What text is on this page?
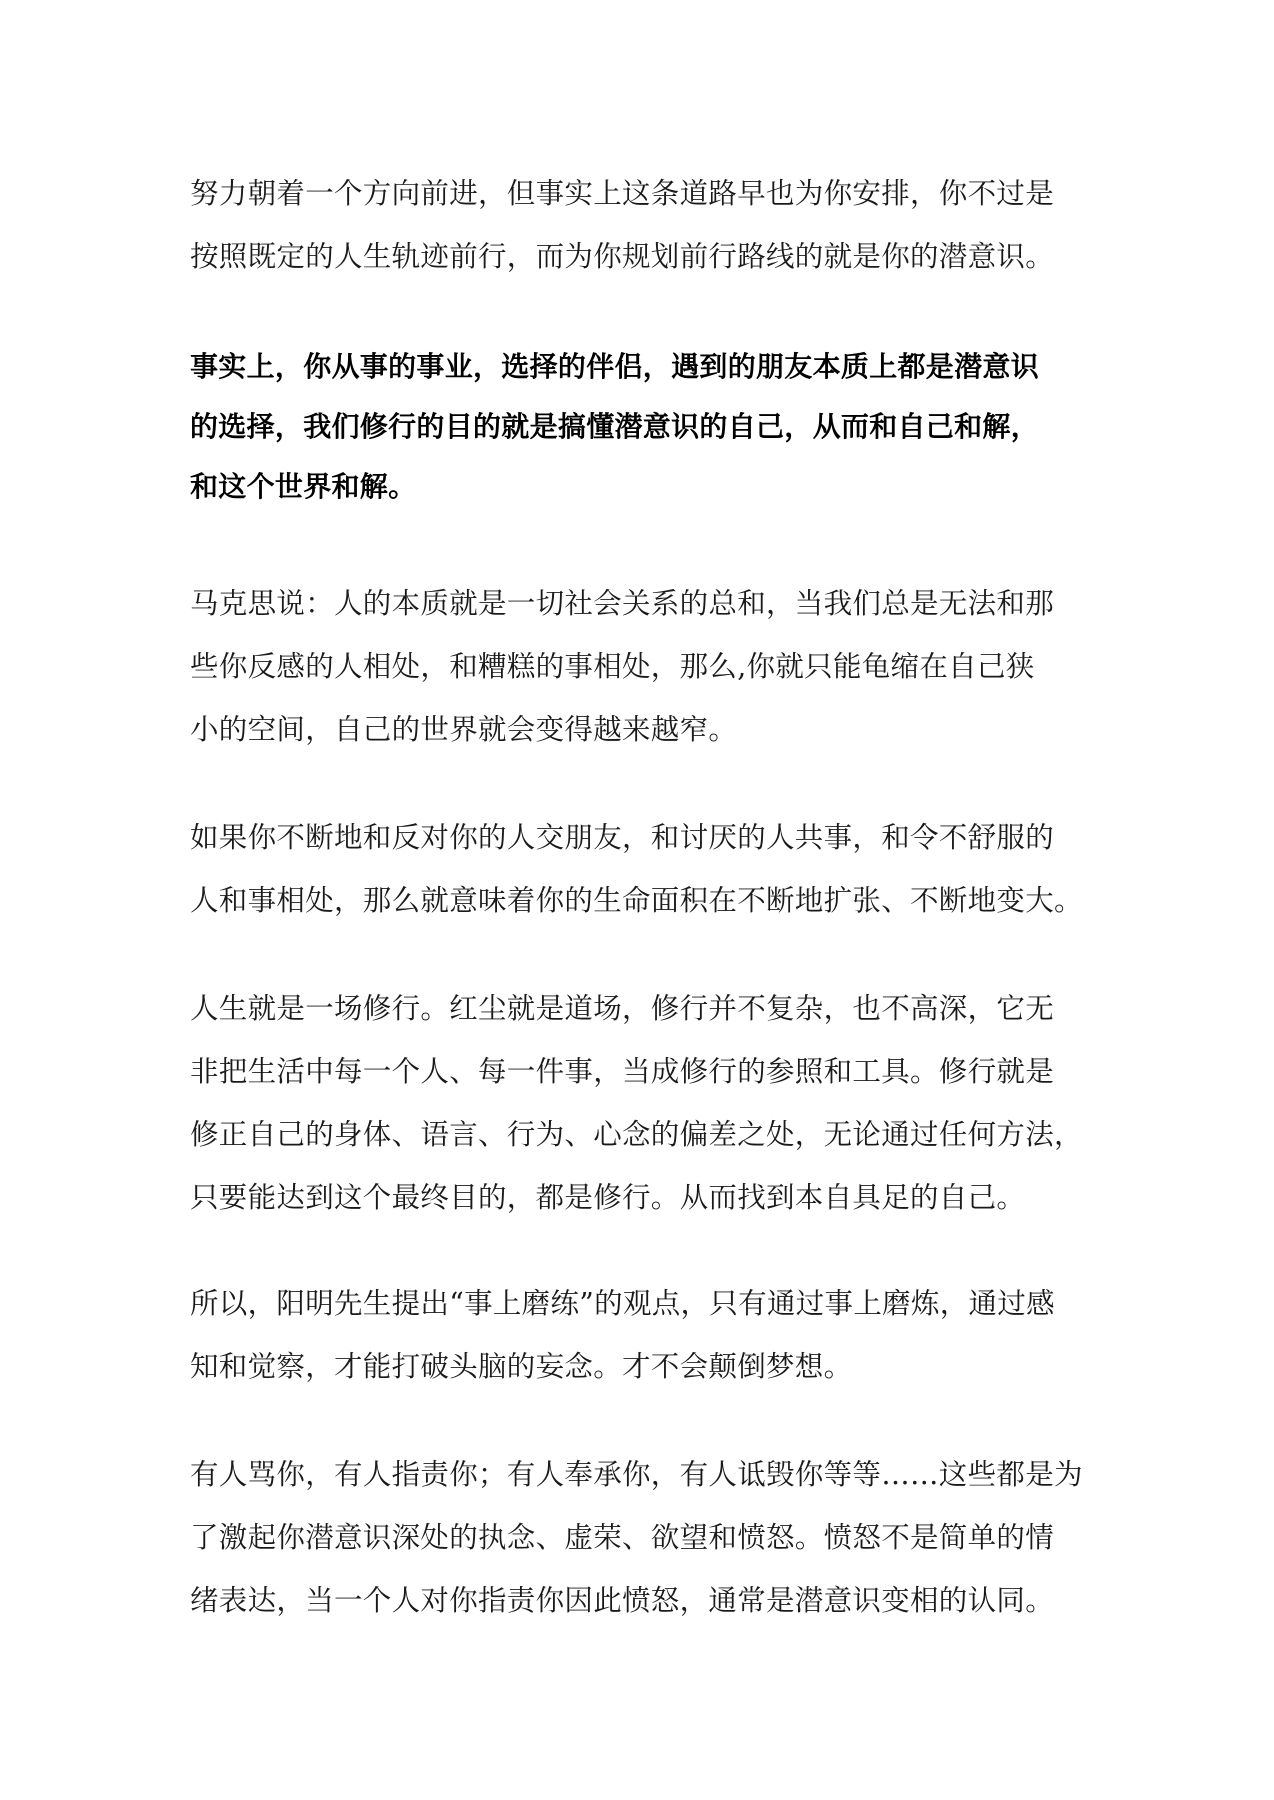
努力朝着一个方向前进，但事实上这条道路早也为你安排，你不过是
按照既定的人生轨迹前行，而为你规划前行路线的就是你的潜意识。
事实上，你从事的事业，选择的伴侣，遇到的朋友本质上都是潜意识
的选择，我们修行的目的就是搞懂潜意识的自己，从而和自己和解，
和这个世界和解。
马克思说：人的本质就是一切社会关系的总和，当我们总是无法和那
些你反感的人相处，和糟糕的事相处，那么,你就只能龟缩在自己狭
小的空间，自己的世界就会变得越来越窄。
如果你不断地和反对你的人交朋友，和讨厌的人共事，和令不舒服的
人和事相处，那么就意味着你的生命面积在不断地扩张、不断地变大。
人生就是一场修行。红尘就是道场，修行并不复杂，也不高深，它无
非把生活中每一个人、每一件事，当成修行的参照和工具。修行就是
修正自己的身体、语言、行为、心念的偏差之处，无论通过任何方法，
只要能达到这个最终目的，都是修行。从而找到本自具足的自己。
所以，阳明先生提出“事上磨练”的观点，只有通过事上磨炼，通过感
知和觉察，才能打破头脑的妄念。才不会颠倒梦想。
有人骂你，有人指责你；有人奉承你，有人诋毁你等等……这些都是为
了激起你潜意识深处的执念、虚荣、欲望和愤怒。愤怒不是简单的情
绪表达，当一个人对你指责你因此愤怒，通常是潜意识变相的认同。
